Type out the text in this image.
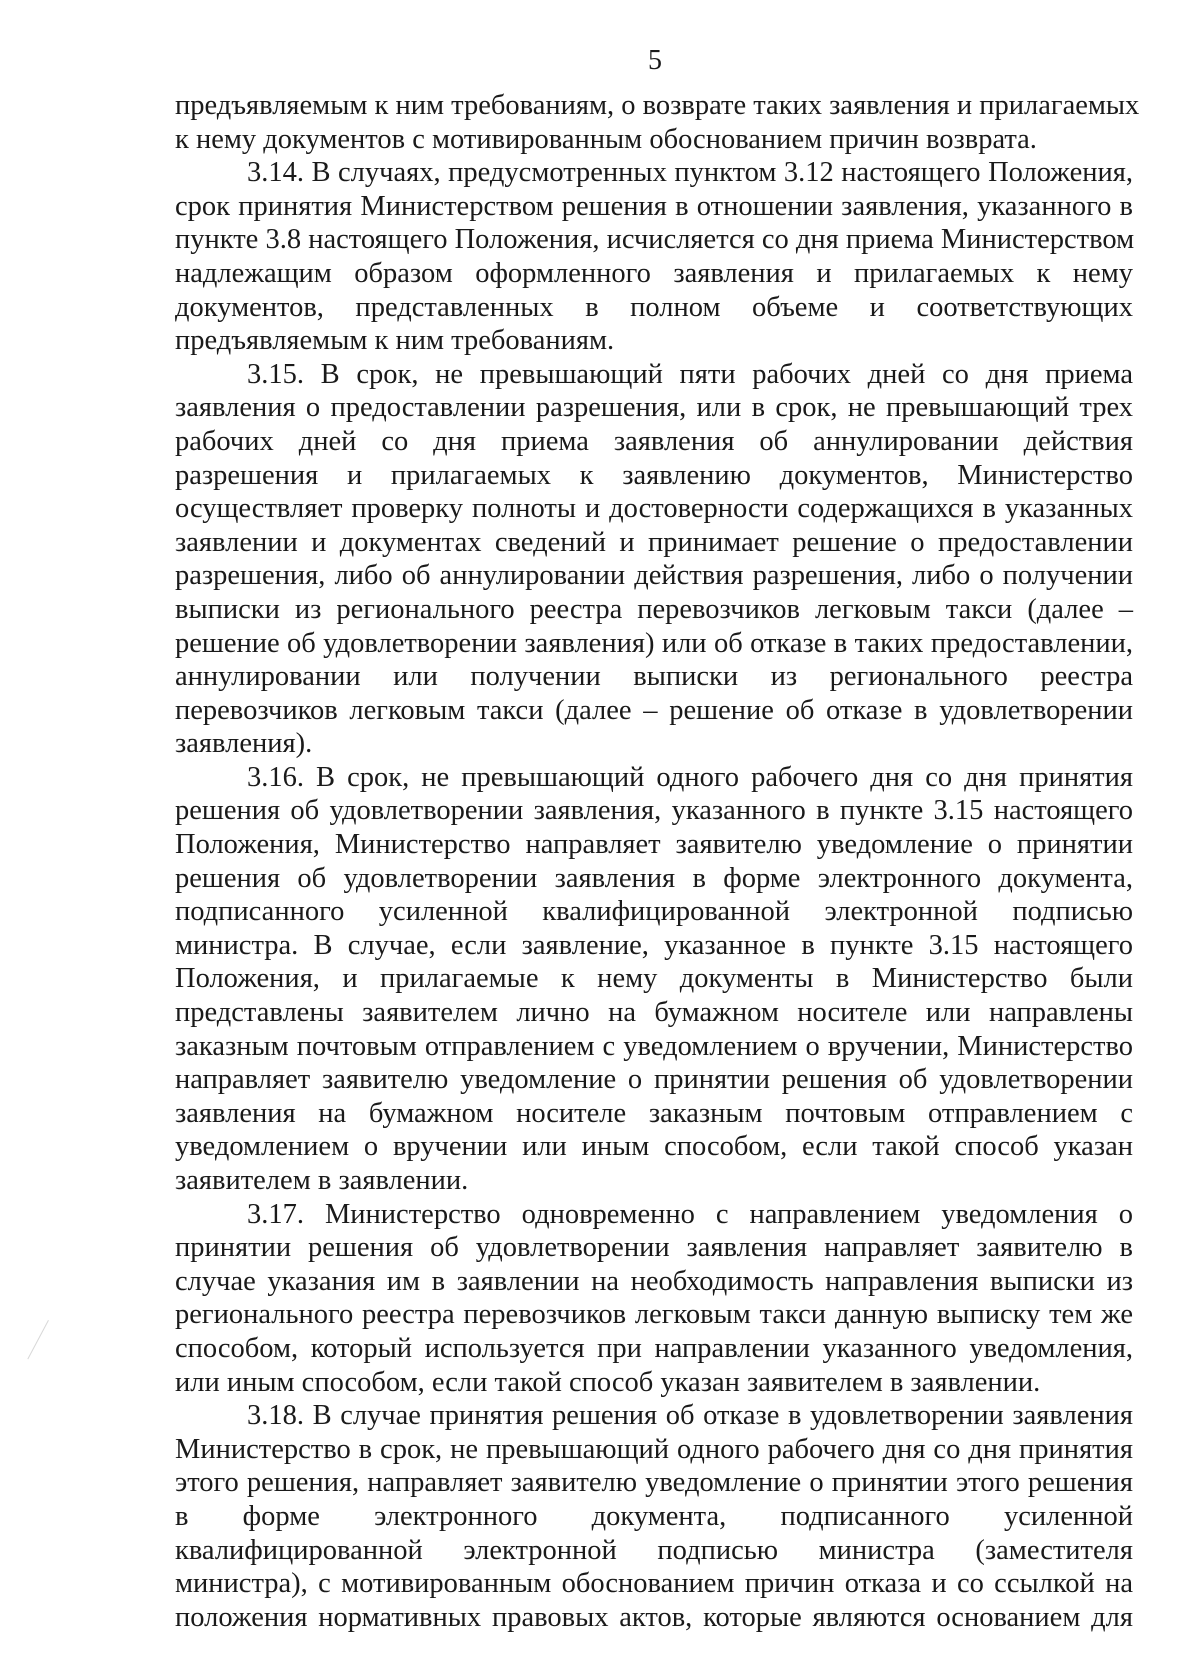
5
предъявляемым к ним требованиям, о возврате таких заявления и прилагаемых
к нему документов с мотивированным обоснованием причин возврата.
3.14. В случаях, предусмотренных пунктом 3.12 настоящего Положения,
срок принятия Министерством решения в отношении заявления, указанного в
пункте 3.8 настоящего Положения, исчисляется со дня приема Министерством
надлежащим образом оформленного заявления и прилагаемых к нему
документов, представленных в полном объеме и соответствующих
предъявляемым к ним требованиям.
3.15. В срок, не превышающий пяти рабочих дней со дня приема
заявления о предоставлении разрешения, или в срок, не превышающий трех
рабочих дней со дня приема заявления об аннулировании действия
разрешения и прилагаемых к заявлению документов, Министерство
осуществляет проверку полноты и достоверности содержащихся в указанных
заявлении и документах сведений и принимает решение о предоставлении
разрешения, либо об аннулировании действия разрешения, либо о получении
выписки из регионального реестра перевозчиков легковым такси (далее –
решение об удовлетворении заявления) или об отказе в таких предоставлении,
аннулировании или получении выписки из регионального реестра
перевозчиков легковым такси (далее – решение об отказе в удовлетворении
заявления).
3.16. В срок, не превышающий одного рабочего дня со дня принятия
решения об удовлетворении заявления, указанного в пункте 3.15 настоящего
Положения, Министерство направляет заявителю уведомление о принятии
решения об удовлетворении заявления в форме электронного документа,
подписанного усиленной квалифицированной электронной подписью
министра. В случае, если заявление, указанное в пункте 3.15 настоящего
Положения, и прилагаемые к нему документы в Министерство были
представлены заявителем лично на бумажном носителе или направлены
заказным почтовым отправлением с уведомлением о вручении, Министерство
направляет заявителю уведомление о принятии решения об удовлетворении
заявления на бумажном носителе заказным почтовым отправлением с
уведомлением о вручении или иным способом, если такой способ указан
заявителем в заявлении.
3.17. Министерство одновременно с направлением уведомления о
принятии решения об удовлетворении заявления направляет заявителю в
случае указания им в заявлении на необходимость направления выписки из
регионального реестра перевозчиков легковым такси данную выписку тем же
способом, который используется при направлении указанного уведомления,
или иным способом, если такой способ указан заявителем в заявлении.
3.18. В случае принятия решения об отказе в удовлетворении заявления
Министерство в срок, не превышающий одного рабочего дня со дня принятия
этого решения, направляет заявителю уведомление о принятии этого решения
в форме электронного документа, подписанного усиленной
квалифицированной электронной подписью министра (заместителя
министра), с мотивированным обоснованием причин отказа и со ссылкой на
положения нормативных правовых актов, которые являются основанием для
